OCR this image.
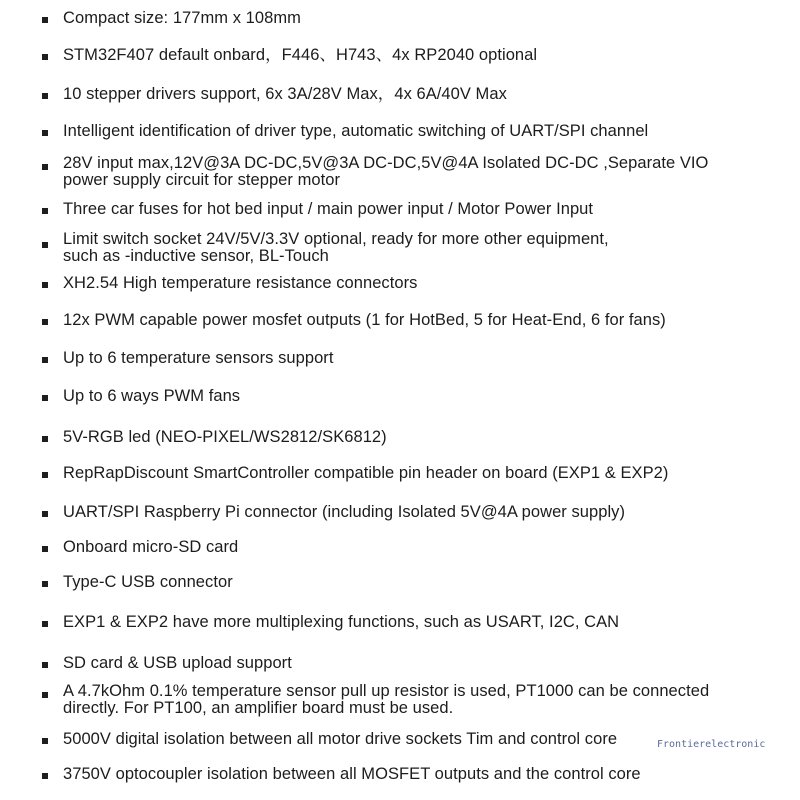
Compact size: 177mm x 108mm
STM32F407 default onbard，F446、H743、4x RP2040 optional
10 stepper drivers support, 6x 3A/28V Max，4x 6A/40V Max
Intelligent identification of driver type, automatic switching of UART/SPI channel
28V input max,12V@3A DC-DC,5V@3A DC-DC,5V@4A Isolated DC-DC ,Separate VIO
power supply circuit for stepper motor
Three car fuses for hot bed input / main power input / Motor Power Input
Limit switch socket 24V/5V/3.3V optional, ready for more other equipment,
such as -inductive sensor, BL-Touch
XH2.54 High temperature resistance connectors
12x PWM capable power mosfet outputs (1 for HotBed, 5 for Heat-End, 6 for fans)
Up to 6 temperature sensors support
Up to 6 ways PWM fans
5V-RGB led (NEO-PIXEL/WS2812/SK6812)
RepRapDiscount SmartController compatible pin header on board (EXP1 & EXP2)
UART/SPI Raspberry Pi connector (including Isolated 5V@4A power supply)
Onboard micro-SD card
Type-C USB connector
EXP1 & EXP2 have more multiplexing functions, such as USART, I2C, CAN
SD card & USB upload support
A 4.7kOhm 0.1% temperature sensor pull up resistor is used, PT1000 can be connected
directly. For PT100, an amplifier board must be used.
5000V digital isolation between all motor drive sockets Tim and control core
3750V optocoupler isolation between all MOSFET outputs and the control core
Frontierelectronic
